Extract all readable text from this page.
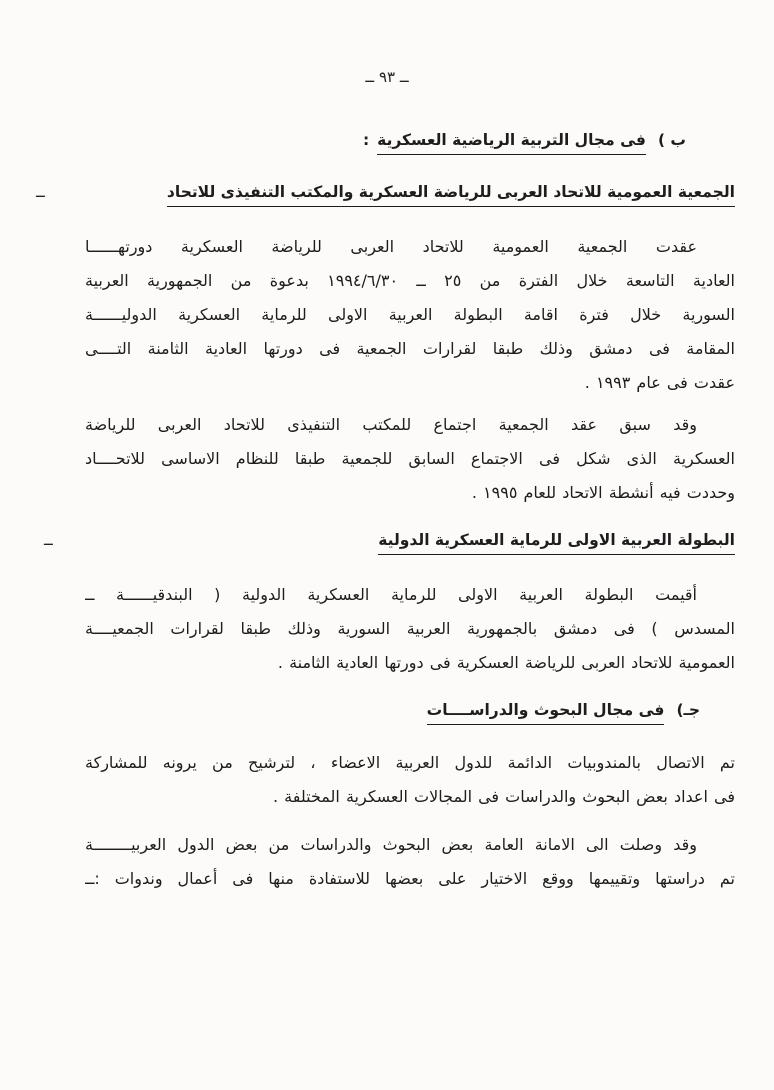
ــ ٩٣ ــ
ب )فى مجال التربية الرياضية العسكرية:
ــ	الجمعية العمومية للاتحاد العربى للرياضة العسكرية والمكتب التنفيذى للاتحاد
عقدت الجمعية العمومية للاتحاد العربى للرياضة العسكرية دورتهــــــا
العادية التاسعة خلال الفترة من ٢٥ ــ ١٩٩٤/٦/٣٠ بدعوة من الجمهورية العربية
السورية خلال فترة اقامة البطولة العربية الاولى للرماية العسكرية الدوليــــــة
المقامة فى دمشق وذلك طبقا لقرارات الجمعية فى دورتها العادية الثامنة التــــى
عقدت فى عام ١٩٩٣ .
وقد سبق عقد الجمعية اجتماع للمكتب التنفيذى للاتحاد العربى للرياضة
العسكرية الذى شكل فى الاجتماع السابق للجمعية طبقا للنظام الاساسى للاتحــــاد
وحددت فيه أنشطة الاتحاد للعام ١٩٩٥ .
ــ	البطولة العربية الاولى للرماية العسكرية الدولية
أقيمت البطولة العربية الاولى للرماية العسكرية الدولية ( البندقيــــــة ــ
المسدس ) فى دمشق بالجمهورية العربية السورية وذلك طبقا لقرارات الجمعيــــة
العمومية للاتحاد العربى للرياضة العسكرية فى دورتها العادية الثامنة .
جـ)فى مجال البحوث والدراســــات
تم الاتصال بالمندوبيات الدائمة للدول العربية الاعضاء ، لترشيح من يرونه للمشاركة
فى اعداد بعض البحوث والدراسات فى المجالات العسكرية المختلفة .
وقد وصلت الى الامانة العامة بعض البحوث والدراسات من بعض الدول العربيــــــــة
تم دراستها وتقييمها ووقع الاختيار على بعضها للاستفادة منها فى أعمال وندوات :ــ
